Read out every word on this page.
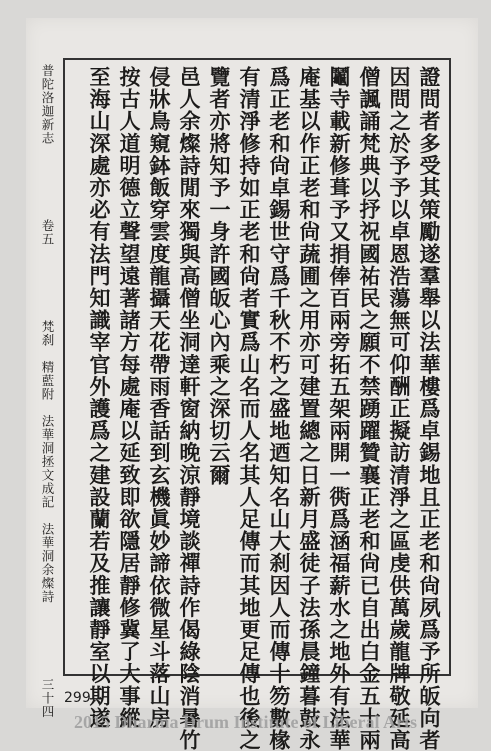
普陀洛迦新志
卷五
梵刹　精藍附　法華洞拯文成記　法華洞余燦詩
三十四	證問者多受其策勵遂羣舉以法華樓爲卓錫地且正老和尙夙爲予所皈向者
因問之於予予以卓恩浩蕩無可仰酬正擬訪清淨之區虔供萬歲龍牌敬延高
僧諷誦梵典以抒祝國祐民之願不禁踴躍贊襄正老和尙已自出白金五十兩
鬮寺載新修葺予又捐俸百兩旁拓五架兩開一衖爲涵福薪水之地外有法華
庵基以作正老和尙蔬圃之用亦可建置總之日新月盛徒子法孫晨鐘暮鼓永
爲正老和尙卓錫世守爲千秋不朽之盛地迺知名山大刹因人而傳十笏數椽
有清淨修持如正老和尙者實爲山名而人名其人足傳而其地更足傳也後之
覽者亦將知予一身許國皈心內乘之深切云爾
邑人余燦詩閒來獨與高僧坐洞達軒窗納晚涼靜境談禪詩作偈綠陰消暑竹
侵牀鳥窺鉢飯穿雲度龍攝天花帶雨香話到玄機眞妙諦依微星斗落山房
按古人道明德立聲望遠著諸方每處庵以延致即欲隱居靜修冀了大事縱
至海山深處亦必有法門知識宰官外護爲之建設蘭若及推讓靜室以期遂
299
2015 Dharma Drum Institute of Liberal Arts
